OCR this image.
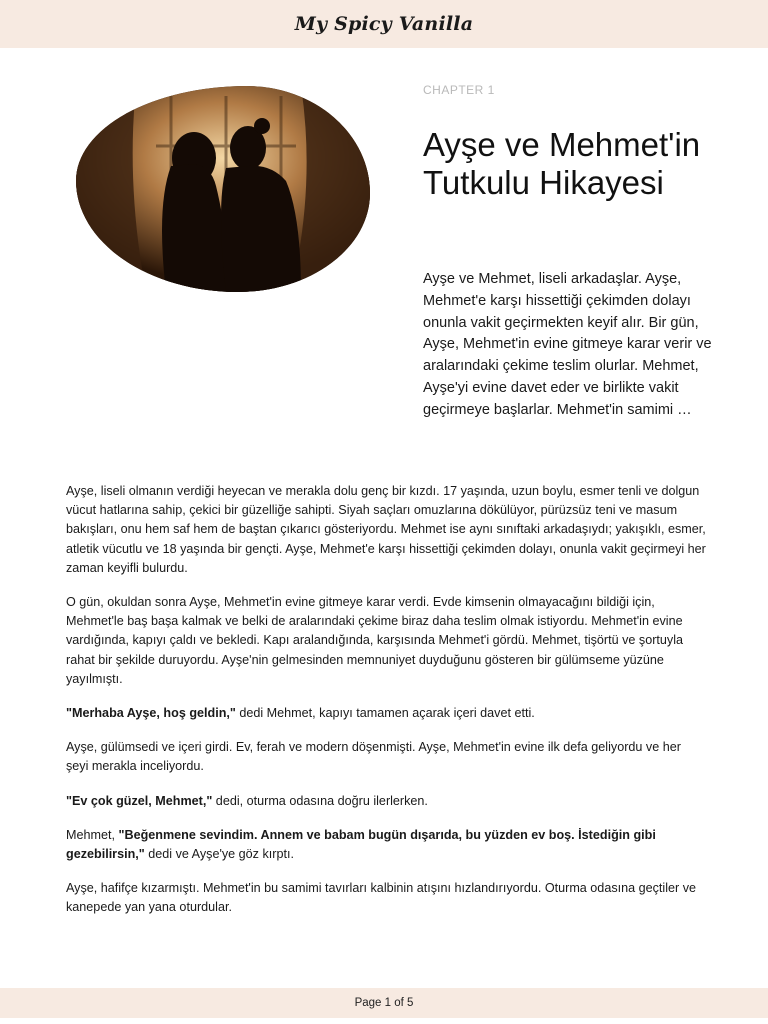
My Spicy Vanilla
CHAPTER 1
Ayşe ve Mehmet'in Tutkulu Hikayesi

Ayşe ve Mehmet, liseli arkadaşlar. Ayşe, Mehmet'e karşı hissettiği çekimden dolayı onunla vakit geçirmekten keyif alır. Bir gün, Ayşe, Mehmet'in evine gitmeye karar verir ve aralarındaki çekime teslim olurlar. Mehmet, Ayşe'yi evine davet eder ve birlikte vakit geçirmeye başlarlar. Mehmet'in samimi …

Ayşe, liseli olmanın verdiği heyecan ve merakla dolu genç bir kızdı. 17 yaşında, uzun boylu, esmer tenli ve dolgun vücut hatlarına sahip, çekici bir güzelliğe sahipti. Siyah saçları omuzlarına dökülüyor, pürüzsüz teni ve masum bakışları, onu hem saf hem de baştan çıkarıcı gösteriyordu. Mehmet ise aynı sınıftaki arkadaşıydı; yakışıklı, esmer, atletik vücutlu ve 18 yaşında bir gençti. Ayşe, Mehmet'e karşı hissettiği çekimden dolayı, onunla vakit geçirmeyi her zaman keyifli bulurdu.

O gün, okuldan sonra Ayşe, Mehmet'in evine gitmeye karar verdi. Evde kimsenin olmayacağını bildiği için, Mehmet'le baş başa kalmak ve belki de aralarındaki çekime biraz daha teslim olmak istiyordu. Mehmet'in evine vardığında, kapıyı çaldı ve bekledi. Kapı aralandığında, karşısında Mehmet'i gördü. Mehmet, tişörtü ve şortuyla rahat bir şekilde duruyordu. Ayşe'nin gelmesinden memnuniyet duyduğunu gösteren bir gülümseme yüzüne yayılmıştı.

"Merhaba Ayşe, hoş geldin," dedi Mehmet, kapıyı tamamen açarak içeri davet etti.

Ayşe, gülümsedi ve içeri girdi. Ev, ferah ve modern döşenmişti. Ayşe, Mehmet'in evine ilk defa geliyordu ve her şeyi merakla inceliyordu.

"Ev çok güzel, Mehmet," dedi, oturma odasına doğru ilerlerken.

Mehmet, "Beğenmene sevindim. Annem ve babam bugün dışarıda, bu yüzden ev boş. İstediğin gibi gezebilirsin," dedi ve Ayşe'ye göz kırptı.

Ayşe, hafifçe kızarmıştı. Mehmet'in bu samimi tavırları kalbinin atışını hızlandırıyordu. Oturma odasına geçtiler ve kanepede yan yana oturdular.

Page 1 of 5
